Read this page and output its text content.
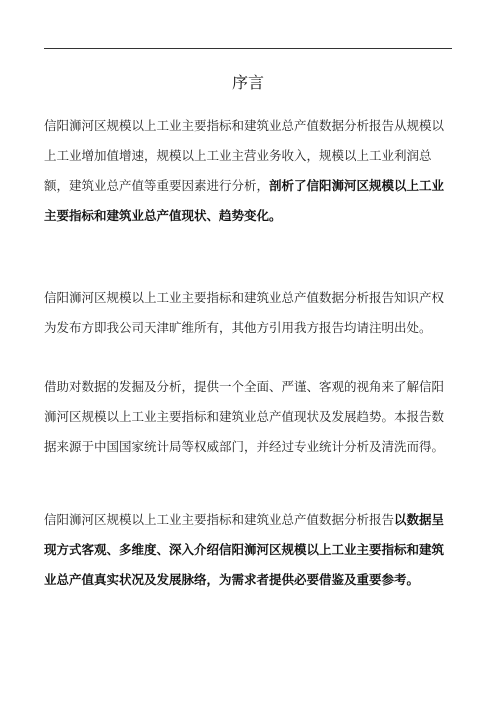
序言

信阳浉河区规模以上工业主要指标和建筑业总产值数据分析报告从规模以上工业增加值增速，规模以上工业主营业务收入，规模以上工业利润总额，建筑业总产值等重要因素进行分析，剖析了信阳浉河区规模以上工业主要指标和建筑业总产值现状、趋势变化。

信阳浉河区规模以上工业主要指标和建筑业总产值数据分析报告知识产权为发布方即我公司天津旷维所有，其他方引用我方报告均请注明出处。

借助对数据的发掘及分析，提供一个全面、严谨、客观的视角来了解信阳浉河区规模以上工业主要指标和建筑业总产值现状及发展趋势。本报告数据来源于中国国家统计局等权威部门，并经过专业统计分析及清洗而得。

信阳浉河区规模以上工业主要指标和建筑业总产值数据分析报告以数据呈现方式客观、多维度、深入介绍信阳浉河区规模以上工业主要指标和建筑业总产值真实状况及发展脉络，为需求者提供必要借鉴及重要参考。
